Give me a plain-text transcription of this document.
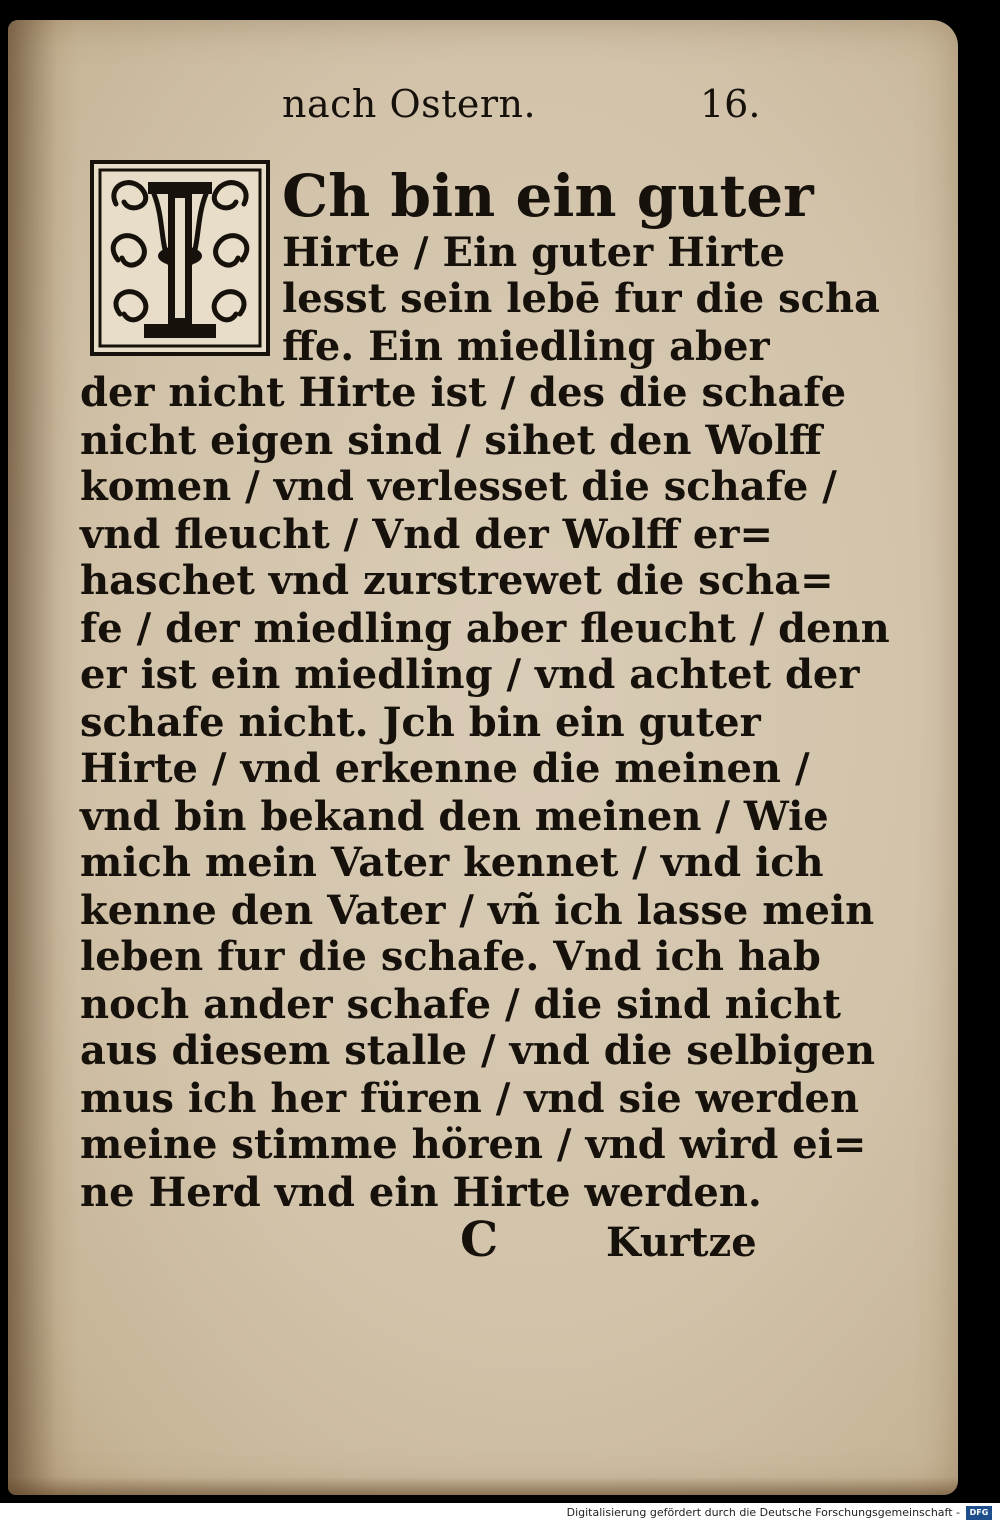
nach Ostern.	16.
Ch bin ein guter
Hirte / Ein guter Hirte
lesst sein lebē fur die scha
ffe. Ein miedling aber
der nicht Hirte ist / des die schafe
nicht eigen sind / sihet den Wolff
komen / vnd verlesset die schafe /
vnd fleucht / Vnd der Wolff er=
haschet vnd zurstrewet die scha=
fe / der miedling aber fleucht / denn
er ist ein miedling / vnd achtet der
schafe nicht. Jch bin ein guter
Hirte / vnd erkenne die meinen /
vnd bin bekand den meinen / Wie
mich mein Vater kennet / vnd ich
kenne den Vater / vñ ich lasse mein
leben fur die schafe. Vnd ich hab
noch ander schafe / die sind nicht
aus diesem stalle / vnd die selbigen
mus ich her füren / vnd sie werden
meine stimme hören / vnd wird ei=
ne Herd vnd ein Hirte werden.
C	Kurtze
Digitalisierung gefördert durch die Deutsche Forschungsgemeinschaft -	DFG
